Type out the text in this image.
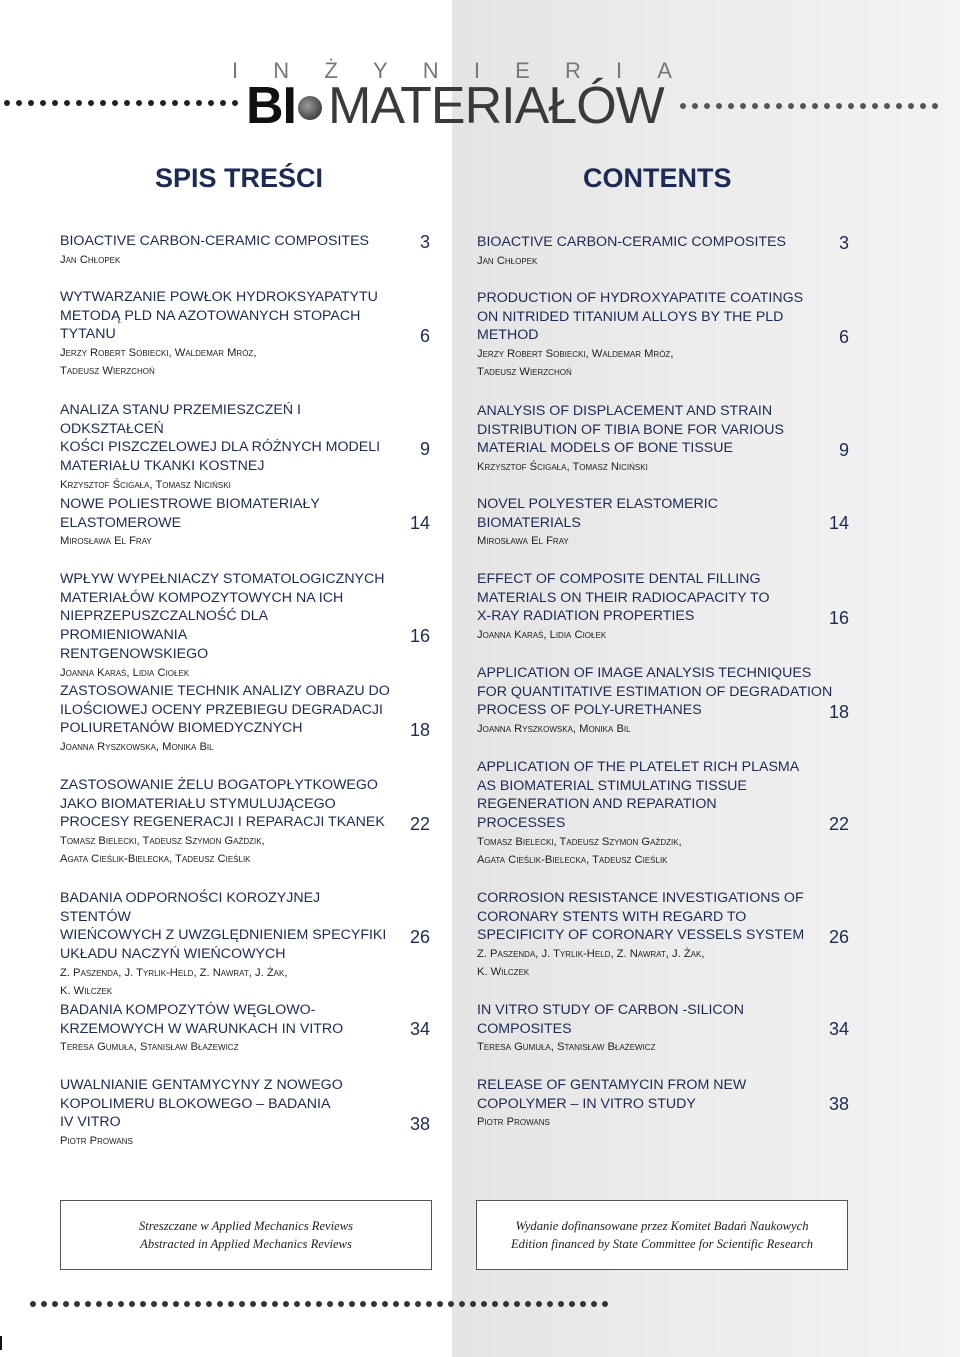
I N Ż Y N I E R I A
BI MATERIAŁÓW
SPIS TREŚCI	CONTENTS
BIOACTIVE CARBON-CERAMIC COMPOSITES
Jan Chłopek
3
WYTWARZANIE POWŁOK HYDROKSYAPATYTU
METODĄ PLD NA AZOTOWANYCH STOPACH
TYTANU
Jerzy Robert Sobiecki, Waldemar Mróz,
Tadeusz Wierzchoń
6
ANALIZA STANU PRZEMIESZCZEŃ I ODKSZTAŁCEŃ
KOŚCI PISZCZELOWEJ DLA RÓŻNYCH MODELI
MATERIAŁU TKANKI KOSTNEJ
Krzysztof Ścigała, Tomasz Niciński
9
NOWE POLIESTROWE BIOMATERIAŁY
ELASTOMEROWE
Mirosława El Fray
14
WPŁYW WYPEŁNIACZY STOMATOLOGICZNYCH
MATERIAŁÓW KOMPOZYTOWYCH NA ICH
NIEPRZEPUSZCZALNOŚĆ DLA PROMIENIOWANIA
RENTGENOWSKIEGO
Joanna Karaś, Lidia Ciołek
16
ZASTOSOWANIE TECHNIK ANALIZY OBRAZU DO
ILOŚCIOWEJ OCENY PRZEBIEGU DEGRADACJI
POLIURETANÓW BIOMEDYCZNYCH
Joanna Ryszkowska, Monika Bil
18
ZASTOSOWANIE ŻELU BOGATOPŁYTKOWEGO
JAKO BIOMATERIAŁU STYMULUJĄCEGO
PROCESY REGENERACJI I REPARACJI TKANEK
Tomasz Bielecki, Tadeusz Szymon Gaździk,
Agata Cieślik-Bielecka, Tadeusz Cieślik
22
BADANIA ODPORNOŚCI KOROZYJNEJ STENTÓW
WIEŃCOWYCH Z UWZGLĘDNIENIEM SPECYFIKI
UKŁADU NACZYŃ WIEŃCOWYCH
Z. Paszenda, J. Tyrlik-Held, Z. Nawrat, J. Żak,
K. Wilczek
26
BADANIA KOMPOZYTÓW WĘGLOWO-
KRZEMOWYCH W WARUNKACH IN VITRO
Teresa Gumuła, Stanisław Błażewicz
34
UWALNIANIE GENTAMYCYNY Z NOWEGO
KOPOLIMERU BLOKOWEGO – BADANIA
IV VITRO
Piotr Prowans
38
BIOACTIVE CARBON-CERAMIC COMPOSITES
Jan Chłopek
3
PRODUCTION OF HYDROXYAPATITE COATINGS
ON NITRIDED TITANIUM ALLOYS BY THE PLD
METHOD
Jerzy Robert Sobiecki, Waldemar Mróz,
Tadeusz Wierzchoń
6
ANALYSIS OF DISPLACEMENT AND STRAIN
DISTRIBUTION OF TIBIA BONE FOR VARIOUS
MATERIAL MODELS OF BONE TISSUE
Krzysztof Ścigała, Tomasz Niciński
9
NOVEL POLYESTER ELASTOMERIC
BIOMATERIALS
Mirosława El Fray
14
EFFECT OF COMPOSITE DENTAL FILLING
MATERIALS ON THEIR RADIOCAPACITY TO
X-RAY RADIATION PROPERTIES
Joanna Karaś, Lidia Ciołek
16
APPLICATION OF IMAGE ANALYSIS TECHNIQUES
FOR QUANTITATIVE ESTIMATION OF DEGRADATION
PROCESS OF POLY-URETHANES
Joanna Ryszkowska, Monika Bil
18
APPLICATION OF THE PLATELET RICH PLASMA
AS BIOMATERIAL STIMULATING TISSUE
REGENERATION AND REPARATION
PROCESSES
Tomasz Bielecki, Tadeusz Szymon Gaździk,
Agata Cieślik-Bielecka, Tadeusz Cieślik
22
CORROSION RESISTANCE INVESTIGATIONS OF
CORONARY STENTS WITH REGARD TO
SPECIFICITY OF CORONARY VESSELS SYSTEM
Z. Paszenda, J. Tyrlik-Held, Z. Nawrat, J. Żak,
K. Wilczek
26
IN VITRO STUDY OF CARBON -SILICON
COMPOSITES
Teresa Gumuła, Stanisław Błażewicz
34
RELEASE OF GENTAMYCIN FROM NEW
COPOLYMER – IN VITRO STUDY
Piotr Prowans
38
Streszczane w Applied Mechanics Reviews
Abstracted in Applied Mechanics Reviews
Wydanie dofinansowane przez Komitet Badań Naukowych
Edition financed by State Committee for Scientific Research
